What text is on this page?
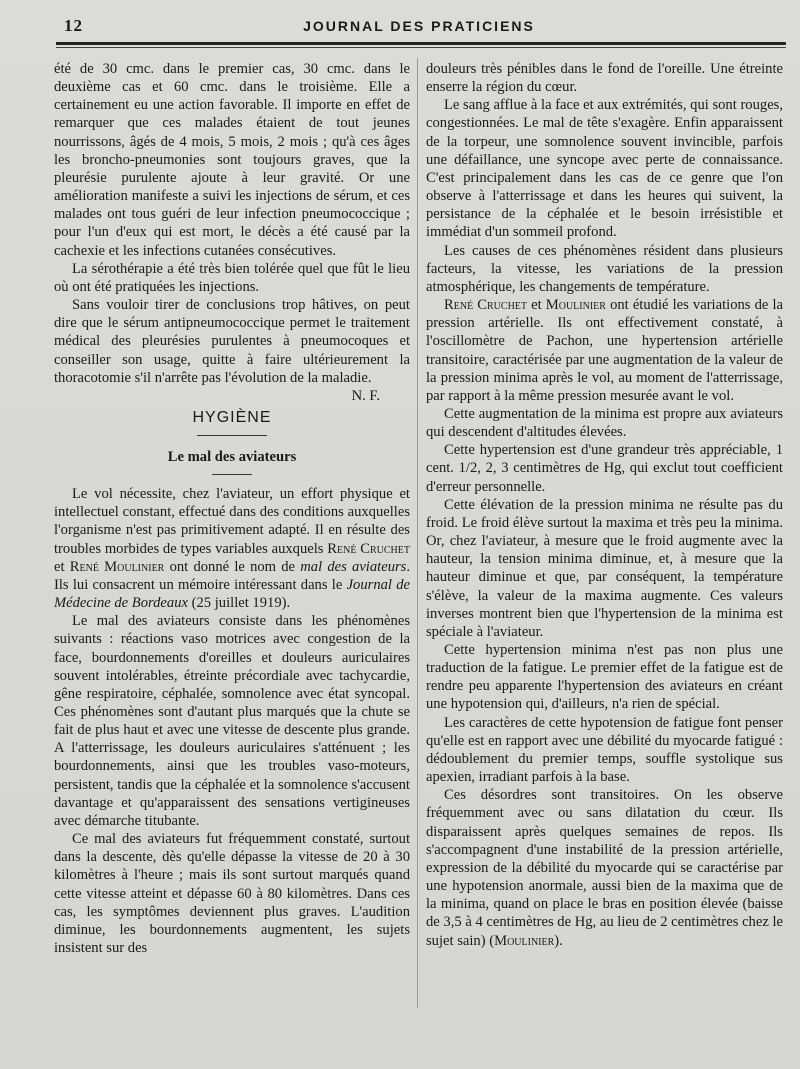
12	JOURNAL DES PRATICIENS

été de 30 cmc. dans le premier cas, 30 cmc. dans le deuxième cas et 60 cmc. dans le troisième. Elle a certainement eu une action favorable. Il importe en effet de remarquer que ces malades étaient de tout jeunes nourrissons, âgés de 4 mois, 5 mois, 2 mois ; qu'à ces âges les broncho-pneumonies sont toujours graves, que la pleurésie purulente ajoute à leur gravité. Or une amélioration manifeste a suivi les injections de sérum, et ces malades ont tous guéri de leur infection pneumococcique ; pour l'un d'eux qui est mort, le décès a été causé par la cachexie et les infections cutanées consécutives.

La sérothérapie a été très bien tolérée quel que fût le lieu où ont été pratiquées les injections.

Sans vouloir tirer de conclusions trop hâtives, on peut dire que le sérum antipneumococcique permet le traitement médical des pleurésies purulentes à pneumocoques et conseiller son usage, quitte à faire ultérieurement la thoracotomie s'il n'arrête pas l'évolution de la maladie.
N. F.

HYGIÈNE
Le mal des aviateurs

Le vol nécessite, chez l'aviateur, un effort physique et intellectuel constant, effectué dans des conditions auxquelles l'organisme n'est pas primitivement adapté. Il en résulte des troubles morbides de types variables auxquels René Cruchet et René Moulinier ont donné le nom de mal des aviateurs. Ils lui consacrent un mémoire intéressant dans le Journal de Médecine de Bordeaux (25 juillet 1919).

Le mal des aviateurs consiste dans les phénomènes suivants : réactions vaso motrices avec congestion de la face, bourdonnements d'oreilles et douleurs auriculaires souvent intolérables, étreinte précordiale avec tachycardie, gêne respiratoire, céphalée, somnolence avec état syncopal. Ces phénomènes sont d'autant plus marqués que la chute se fait de plus haut et avec une vitesse de descente plus grande. A l'atterrissage, les douleurs auriculaires s'atténuent ; les bourdonnements, ainsi que les troubles vaso-moteurs, persistent, tandis que la céphalée et la somnolence s'accusent davantage et qu'apparaissent des sensations vertigineuses avec démarche titubante.

Ce mal des aviateurs fut fréquemment constaté, surtout dans la descente, dès qu'elle dépasse la vitesse de 20 à 30 kilomètres à l'heure ; mais ils sont surtout marqués quand cette vitesse atteint et dépasse 60 à 80 kilomètres. Dans ces cas, les symptômes deviennent plus graves. L'audition diminue, les bourdonnements augmentent, les sujets insistent sur des

douleurs très pénibles dans le fond de l'oreille. Une étreinte enserre la région du cœur.

Le sang afflue à la face et aux extrémités, qui sont rouges, congestionnées. Le mal de tête s'exagère. Enfin apparaissent de la torpeur, une somnolence souvent invincible, parfois une défaillance, une syncope avec perte de connaissance. C'est principalement dans les cas de ce genre que l'on observe à l'atterrissage et dans les heures qui suivent, la persistance de la céphalée et le besoin irrésistible et immédiat d'un sommeil profond.

Les causes de ces phénomènes résident dans plusieurs facteurs, la vitesse, les variations de la pression atmosphérique, les changements de température.

René Cruchet et Moulinier ont étudié les variations de la pression artérielle. Ils ont effectivement constaté, à l'oscillomètre de Pachon, une hypertension artérielle transitoire, caractérisée par une augmentation de la valeur de la pression minima après le vol, au moment de l'atterrissage, par rapport à la même pression mesurée avant le vol.

Cette augmentation de la minima est propre aux aviateurs qui descendent d'altitudes élevées.

Cette hypertension est d'une grandeur très appréciable, 1 cent. 1/2, 2, 3 centimètres de Hg, qui exclut tout coefficient d'erreur personnelle.

Cette élévation de la pression minima ne résulte pas du froid. Le froid élève surtout la maxima et très peu la minima. Or, chez l'aviateur, à mesure que le froid augmente avec la hauteur, la tension minima diminue, et, à mesure que la hauteur diminue et que, par conséquent, la température s'élève, la valeur de la maxima augmente. Ces valeurs inverses montrent bien que l'hypertension de la minima est spéciale à l'aviateur.

Cette hypertension minima n'est pas non plus une traduction de la fatigue. Le premier effet de la fatigue est de rendre peu apparente l'hypertension des aviateurs en créant une hypotension qui, d'ailleurs, n'a rien de spécial.

Les caractères de cette hypotension de fatigue font penser qu'elle est en rapport avec une débilité du myocarde fatigué : dédoublement du premier temps, souffle systolique sus apexien, irradiant parfois à la base.

Ces désordres sont transitoires. On les observe fréquemment avec ou sans dilatation du cœur. Ils disparaissent après quelques semaines de repos. Ils s'accompagnent d'une instabilité de la pression artérielle, expression de la débilité du myocarde qui se caractérise par une hypotension anormale, aussi bien de la maxima que de la minima, quand on place le bras en position élevée (baisse de 3,5 à 4 centimètres de Hg, au lieu de 2 centimètres chez le sujet sain) (Moulinier).
